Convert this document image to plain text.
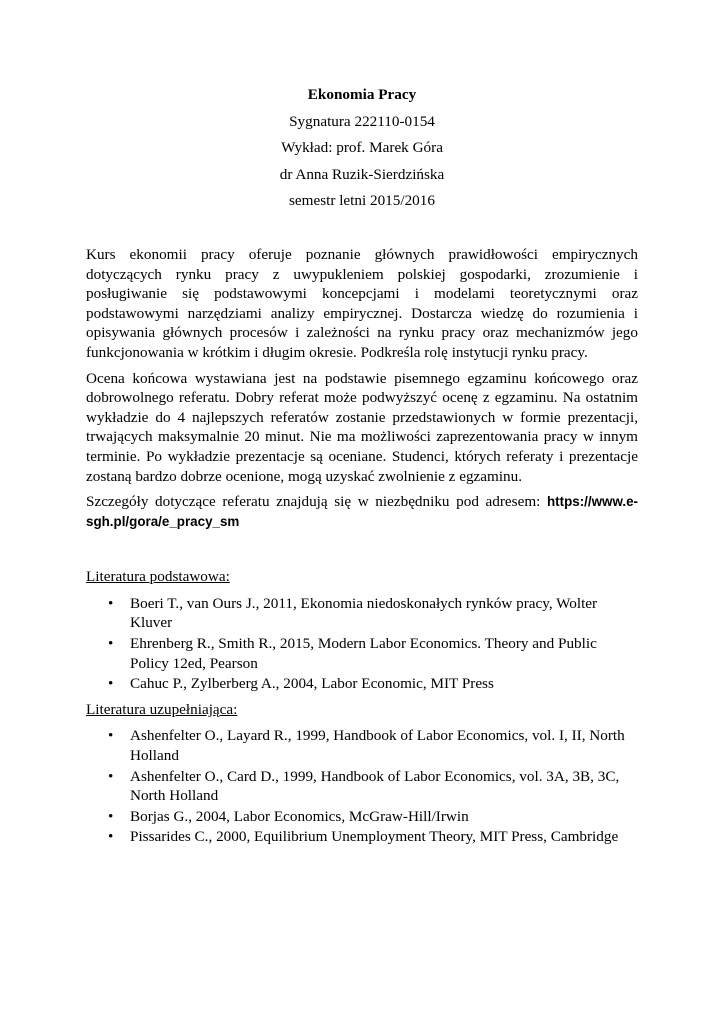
Ekonomia Pracy
Sygnatura 222110-0154
Wykład: prof. Marek Góra
dr Anna Ruzik-Sierdzińska
semestr letni 2015/2016

Kurs ekonomii pracy oferuje poznanie głównych prawidłowości empirycznych dotyczących rynku pracy z uwypukleniem polskiej gospodarki, zrozumienie i posługiwanie się podstawowymi koncepcjami i modelami teoretycznymi oraz podstawowymi narzędziami analizy empirycznej. Dostarcza wiedzę do rozumienia i opisywania głównych procesów i zależności na rynku pracy oraz mechanizmów jego funkcjonowania w krótkim i długim okresie. Podkreśla rolę instytucji rynku pracy.

Ocena końcowa wystawiana jest na podstawie pisemnego egzaminu końcowego oraz dobrowolnego referatu. Dobry referat może podwyższyć ocenę z egzaminu. Na ostatnim wykładzie do 4 najlepszych referatów zostanie przedstawionych w formie prezentacji, trwających maksymalnie 20 minut. Nie ma możliwości zaprezentowania pracy w innym terminie. Po wykładzie prezentacje są oceniane. Studenci, których referaty i prezentacje zostaną bardzo dobrze ocenione, mogą uzyskać zwolnienie z egzaminu.

Szczegóły dotyczące referatu znajdują się w niezbędniku pod adresem: https://www.e-sgh.pl/gora/e_pracy_sm

Literatura podstawowa:
• Boeri T., van Ours J., 2011, Ekonomia niedoskonałych rynków pracy, Wolter Kluver
• Ehrenberg R., Smith R., 2015, Modern Labor Economics. Theory and Public Policy 12ed, Pearson
• Cahuc P., Zylberberg A., 2004, Labor Economic, MIT Press
Literatura uzupełniająca:
• Ashenfelter O., Layard R., 1999, Handbook of Labor Economics, vol. I, II, North Holland
• Ashenfelter O., Card D., 1999, Handbook of Labor Economics, vol. 3A, 3B, 3C, North Holland
• Borjas G., 2004, Labor Economics, McGraw-Hill/Irwin
• Pissarides C., 2000, Equilibrium Unemployment Theory, MIT Press, Cambridge
